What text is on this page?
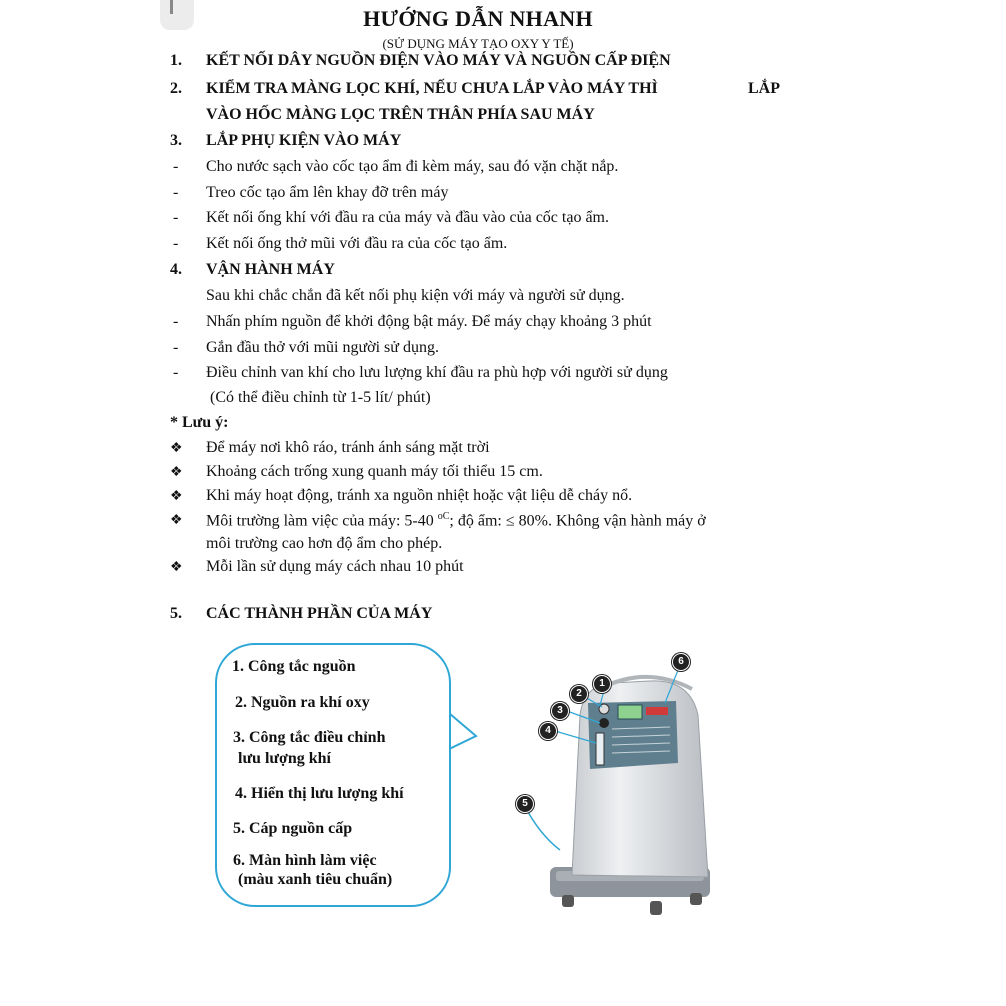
HƯỚNG DẪN NHANH
(SỬ DỤNG MÁY TẠO OXY Y TẾ)
1. KẾT NỐI DÂY NGUỒN ĐIỆN VÀO MÁY VÀ NGUỒN CẤP ĐIỆN
2. KIỂM TRA MÀNG LỌC KHÍ, NẾU CHƯA LẮP VÀO MÁY THÌ	LẮP
VÀO HỐC MÀNG LỌC TRÊN THÂN PHÍA SAU MÁY
3. LẮP PHỤ KIỆN VÀO MÁY
- Cho nước sạch vào cốc tạo ẩm đi kèm máy, sau đó vặn chặt nắp.
- Treo cốc tạo ẩm lên khay đỡ trên máy
- Kết nối ống khí với đầu ra của máy và đầu vào của cốc tạo ẩm.
- Kết nối ống thở mũi với đầu ra của cốc tạo ẩm.
4. VẬN HÀNH MÁY
Sau khi chắc chắn đã kết nối phụ kiện với máy và người sử dụng.
- Nhấn phím nguồn để khởi động bật máy. Để máy chạy khoảng 3 phút
- Gắn đầu thở với mũi người sử dụng.
- Điều chỉnh van khí cho lưu lượng khí đầu ra phù hợp với người sử dụng
(Có thể điều chỉnh từ 1-5 lít/ phút)
* Lưu ý:
❖ Để máy nơi khô ráo, tránh ánh sáng mặt trời
❖ Khoảng cách trống xung quanh máy tối thiểu 15 cm.
❖ Khi máy hoạt động, tránh xa nguồn nhiệt hoặc vật liệu dễ cháy nổ.
❖ Môi trường làm việc của máy: 5-40 $^{oC}$; độ ẩm: ≤ 80%. Không vận hành máy ở
môi trường cao hơn độ ẩm cho phép.
❖ Mỗi lần sử dụng máy cách nhau 10 phút
5. CÁC THÀNH PHẦN CỦA MÁY
1. Công tắc nguồn
2. Nguồn ra khí oxy
3. Công tắc điều chỉnh
lưu lượng khí
4. Hiển thị lưu lượng khí
5. Cáp nguồn cấp
6. Màn hình làm việc
(màu xanh tiêu chuẩn)
1
2
3
4
5
6
